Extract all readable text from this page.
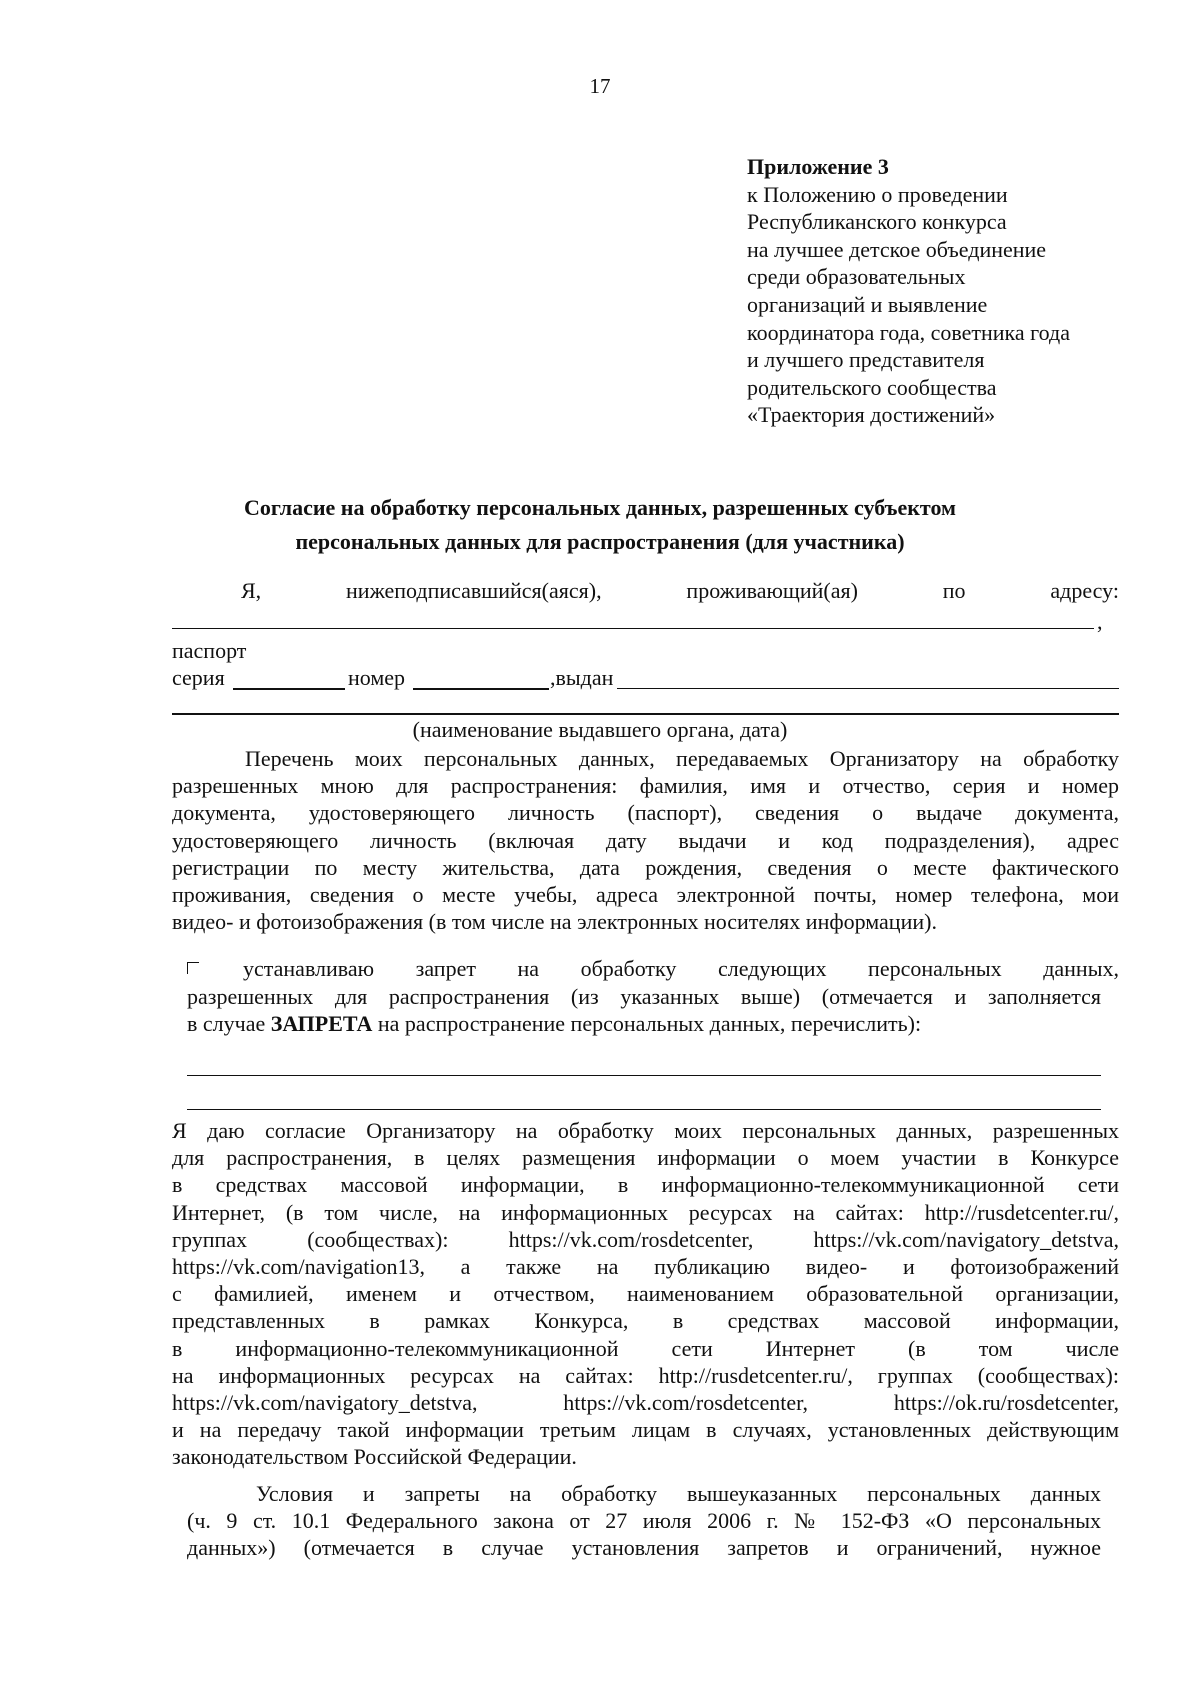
17
Приложение 3
к Положению о проведении
Республиканского конкурса
на лучшее детское объединение
среди образовательных
организаций и выявление
координатора года, советника года
и лучшего представителя
родительского сообщества
«Траектория достижений»
Согласие на обработку персональных данных, разрешенных субъектом
персональных данных для распространения (для участника)
Я,	нижеподписавшийся(аяся),	проживающий(ая)	по	адресу:
,
паспорт
серия	номер	,выдан
(наименование выдавшего органа, дата)
Перечень моих персональных данных, передаваемых Организатору на обработку
разрешенных мною для распространения: фамилия, имя и отчество, серия и номер
документа, удостоверяющего личность (паспорт), сведения о выдаче документа,
удостоверяющего личность (включая дату выдачи и код подразделения), адрес
регистрации по месту жительства, дата рождения, сведения о месте фактического
проживания, сведения о месте учебы, адреса электронной почты, номер телефона, мои
видео- и фотоизображения (в том числе на электронных носителях информации).
устанавливаю запрет на обработку следующих персональных данных,
разрешенных для распространения (из указанных выше) (отмечается и заполняется
в случае ЗАПРЕТА на распространение персональных данных, перечислить):
Я даю согласие Организатору на обработку моих персональных данных, разрешенных
для распространения, в целях размещения информации о моем участии в Конкурсе
в средствах массовой информации, в информационно-телекоммуникационной сети
Интернет, (в том числе, на информационных ресурсах на сайтах: http://rusdetcenter.ru/,
группах (сообществах): https://vk.com/rosdetcenter, https://vk.com/navigatory_detstva,
https://vk.com/navigation13, а также на публикацию видео- и фотоизображений
с фамилией, именем и отчеством, наименованием образовательной организации,
представленных в рамках Конкурса, в средствах массовой информации,
в информационно-телекоммуникационной сети Интернет (в том числе
на информационных ресурсах на сайтах: http://rusdetcenter.ru/, группах (сообществах):
https://vk.com/navigatory_detstva, https://vk.com/rosdetcenter, https://ok.ru/rosdetcenter,
и на передачу такой информации третьим лицам в случаях, установленных действующим
законодательством Российской Федерации.
Условия и запреты на обработку вышеуказанных персональных данных
(ч. 9 ст. 10.1 Федерального закона от 27 июля 2006 г. № 152-ФЗ «О персональных
данных») (отмечается в случае установления запретов и ограничений, нужное
